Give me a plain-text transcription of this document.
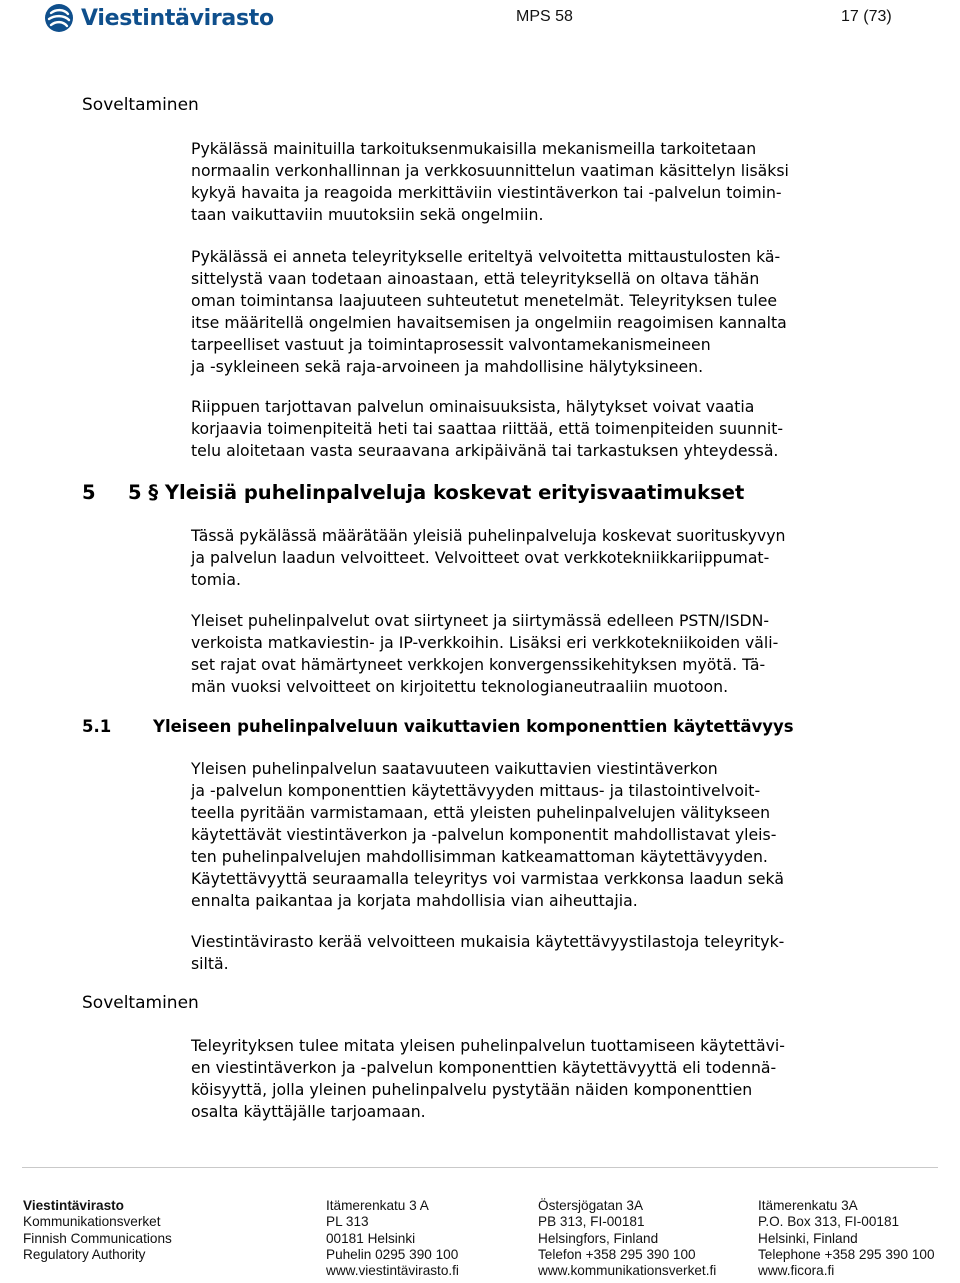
Viestintävirasto	MPS 58	17 (73)
Soveltaminen

Pykälässä mainituilla tarkoituksenmukaisilla mekanismeilla tarkoitetaan
normaalin verkonhallinnan ja verkkosuunnittelun vaatiman käsittelyn lisäksi
kykyä havaita ja reagoida merkittäviin viestintäverkon tai -palvelun toimin-
taan vaikuttaviin muutoksiin sekä ongelmiin.

Pykälässä ei anneta teleyritykselle eriteltyä velvoitetta mittaustulosten kä-
sittelystä vaan todetaan ainoastaan, että teleyrityksellä on oltava tähän
oman toimintansa laajuuteen suhteutetut menetelmät. Teleyrityksen tulee
itse määritellä ongelmien havaitsemisen ja ongelmiin reagoimisen kannalta
tarpeelliset vastuut ja toimintaprosessit valvontamekanismeineen
ja -sykleineen sekä raja-arvoineen ja mahdollisine hälytyksineen.

Riippuen tarjottavan palvelun ominaisuuksista, hälytykset voivat vaatia
korjaavia toimenpiteitä heti tai saattaa riittää, että toimenpiteiden suunnit-
telu aloitetaan vasta seuraavana arkipäivänä tai tarkastuksen yhteydessä.

5 5 § Yleisiä puhelinpalveluja koskevat erityisvaatimukset

Tässä pykälässä määrätään yleisiä puhelinpalveluja koskevat suorituskyvyn
ja palvelun laadun velvoitteet. Velvoitteet ovat verkkotekniikkariippumat-
tomia.

Yleiset puhelinpalvelut ovat siirtyneet ja siirtymässä edelleen PSTN/ISDN-
verkoista matkaviestin- ja IP-verkkoihin. Lisäksi eri verkkotekniikoiden väli-
set rajat ovat hämärtyneet verkkojen konvergenssikehityksen myötä. Tä-
män vuoksi velvoitteet on kirjoitettu teknologianeutraaliin muotoon.

5.1	Yleiseen puhelinpalveluun vaikuttavien komponenttien käytettävyys

Yleisen puhelinpalvelun saatavuuteen vaikuttavien viestintäverkon
ja -palvelun komponenttien käytettävyyden mittaus- ja tilastointivelvoit-
teella pyritään varmistamaan, että yleisten puhelinpalvelujen välitykseen
käytettävät viestintäverkon ja -palvelun komponentit mahdollistavat yleis-
ten puhelinpalvelujen mahdollisimman katkeamattoman käytettävyyden.
Käytettävyyttä seuraamalla teleyritys voi varmistaa verkkonsa laadun sekä
ennalta paikantaa ja korjata mahdollisia vian aiheuttajia.

Viestintävirasto kerää velvoitteen mukaisia käytettävyystilastoja teleyrityk-
siltä.

Soveltaminen

Teleyrityksen tulee mitata yleisen puhelinpalvelun tuottamiseen käytettävi-
en viestintäverkon ja -palvelun komponenttien käytettävyyttä eli todennä-
köisyyttä, jolla yleinen puhelinpalvelu pystytään näiden komponenttien
osalta käyttäjälle tarjoamaan.

Viestintävirasto
Kommunikationsverket
Finnish Communications
Regulatory Authority
Itämerenkatu 3 A
PL 313
00181 Helsinki
Puhelin 0295 390 100
www.viestintävirasto.fi
Östersjögatan 3A
PB 313, FI-00181
Helsingfors, Finland
Telefon +358 295 390 100
www.kommunikationsverket.fi
Itämerenkatu 3A
P.O. Box 313, FI-00181
Helsinki, Finland
Telephone +358 295 390 100
www.ficora.fi
